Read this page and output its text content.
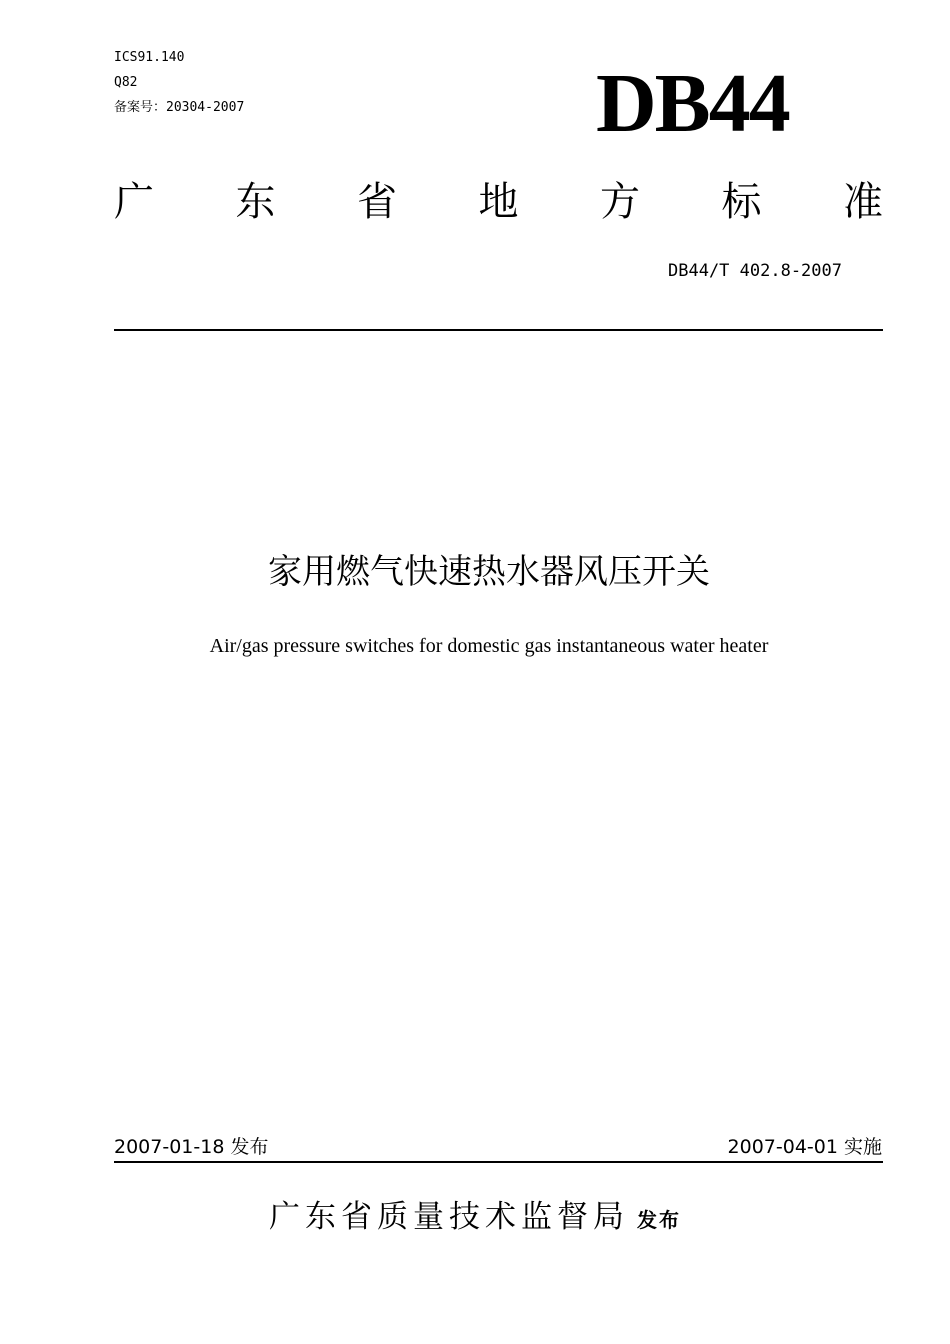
ICS91.140
Q82
备案号：20304-2007	DB44
广 东 省 地 方 标 准
DB44/T 402.8-2007
家用燃气快速热水器风压开关
Air/gas pressure switches for domestic gas instantaneous water heater
2007-01-18 发布	2007-04-01 实施
广东省质量技术监督局 发布
